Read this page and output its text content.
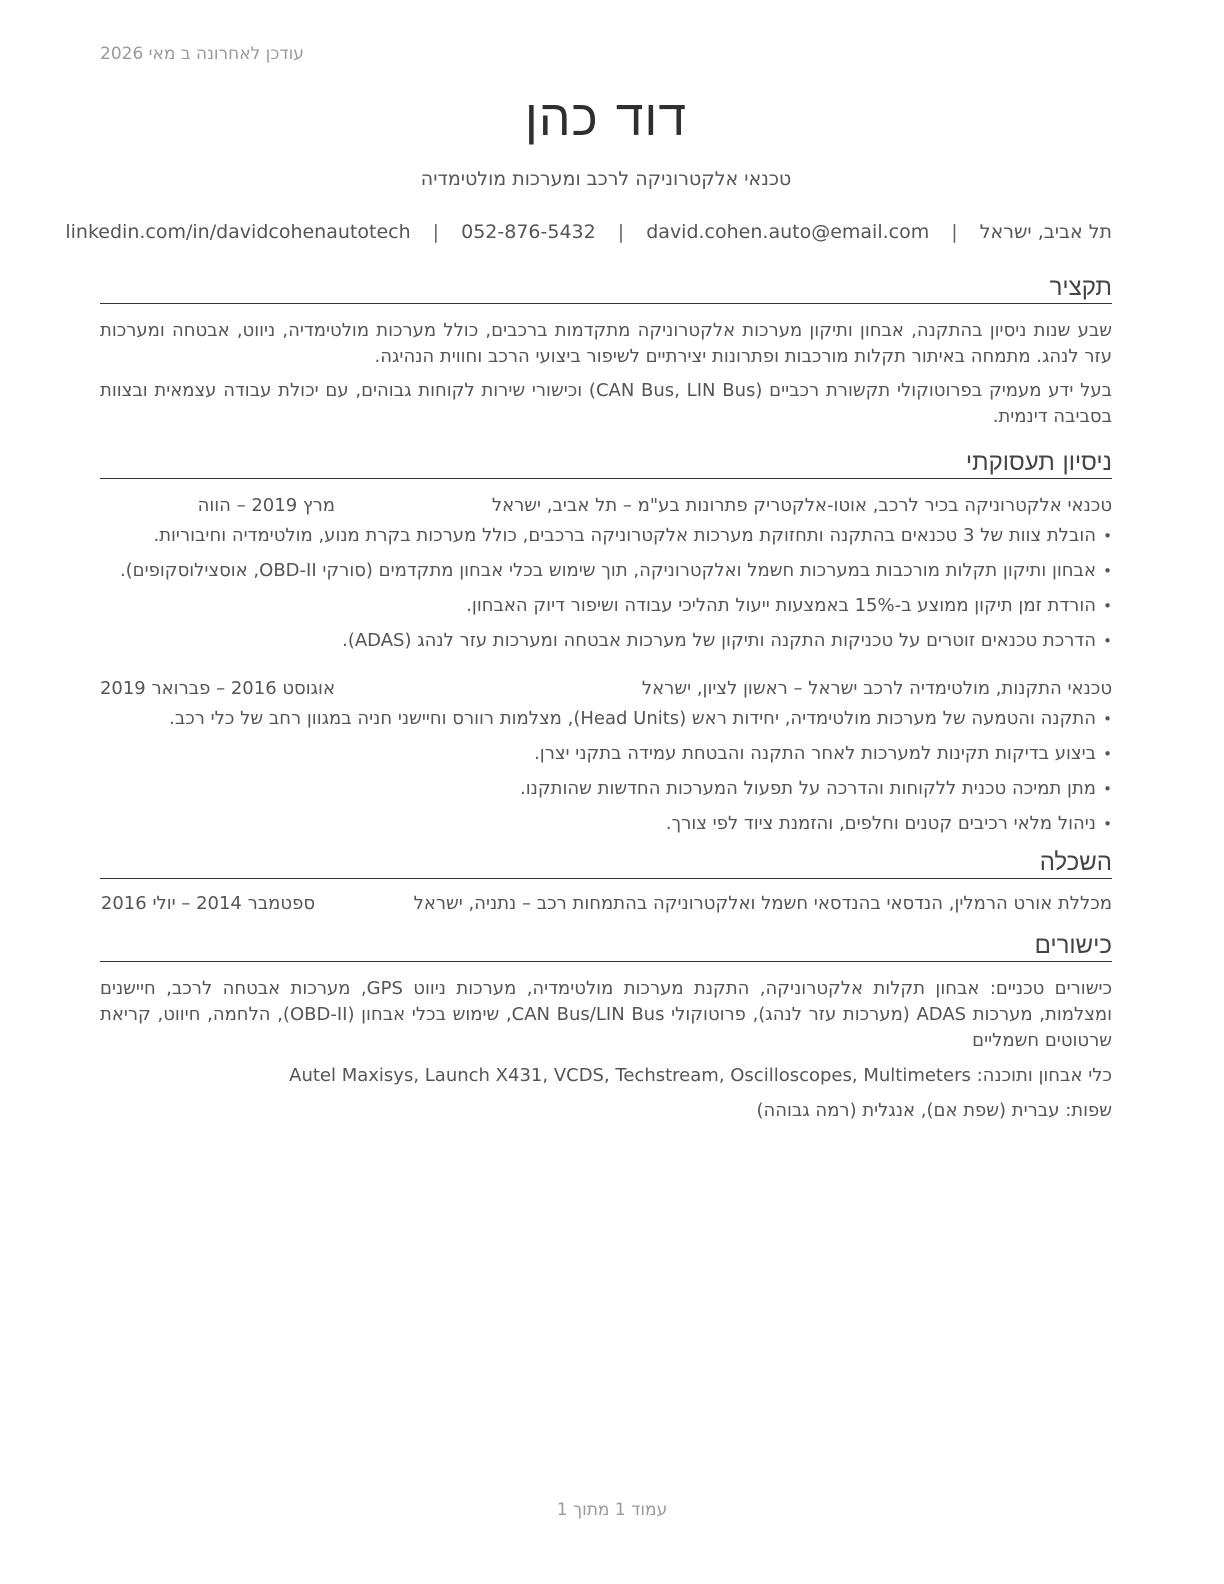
עודכן לאחרונה ב מאי 2026
דוד כהן
טכנאי אלקטרוניקה לרכב ומערכות מולטימדיה
תל אביב, ישראל | david.cohen.auto@email.com | 052-876-5432 | linkedin.com/in/davidcohenautotech
תקציר

שבע שנות ניסיון בהתקנה, אבחון ותיקון מערכות אלקטרוניקה מתקדמות ברכבים, כולל מערכות מולטימדיה, ניווט, אבטחה ומערכות עזר לנהג. מתמחה באיתור תקלות מורכבות ופתרונות יצירתיים לשיפור ביצועי הרכב וחווית הנהיגה.

בעל ידע מעמיק בפרוטוקולי תקשורת רכביים (CAN Bus, LIN Bus) וכישורי שירות לקוחות גבוהים, עם יכולת עבודה עצמאית ובצוות בסביבה דינמית.

ניסיון תעסוקתי
טכנאי אלקטרוניקה בכיר לרכב, אוטו-אלקטריק פתרונות בע"מ – תל אביב, ישראל
מרץ 2019 – הווה
• הובלת צוות של 3 טכנאים בהתקנה ותחזוקת מערכות אלקטרוניקה ברכבים, כולל מערכות בקרת מנוע, מולטימדיה וחיבוריות.
• אבחון ותיקון תקלות מורכבות במערכות חשמל ואלקטרוניקה, תוך שימוש בכלי אבחון מתקדמים (סורקי OBD-II, אוסצילוסקופים).
• הורדת זמן תיקון ממוצע ב-15% באמצעות ייעול תהליכי עבודה ושיפור דיוק האבחון.
• הדרכת טכנאים זוטרים על טכניקות התקנה ותיקון של מערכות אבטחה ומערכות עזר לנהג (ADAS).
טכנאי התקנות, מולטימדיה לרכב ישראל – ראשון לציון, ישראל
אוגוסט 2016 – פברואר 2019
• התקנה והטמעה של מערכות מולטימדיה, יחידות ראש (Head Units), מצלמות רוורס וחיישני חניה במגוון רחב של כלי רכב.
• ביצוע בדיקות תקינות למערכות לאחר התקנה והבטחת עמידה בתקני יצרן.
• מתן תמיכה טכנית ללקוחות והדרכה על תפעול המערכות החדשות שהותקנו.
• ניהול מלאי רכיבים קטנים וחלפים, והזמנת ציוד לפי צורך.
השכלה
מכללת אורט הרמלין, הנדסאי בהנדסאי חשמל ואלקטרוניקה בהתמחות רכב – נתניה, ישראל
ספטמבר 2014 – יולי 2016
כישורים

כישורים טכניים: אבחון תקלות אלקטרוניקה, התקנת מערכות מולטימדיה, מערכות ניווט GPS, מערכות אבטחה לרכב, חיישנים ומצלמות, מערכות ADAS (מערכות עזר לנהג), פרוטוקולי CAN Bus/LIN Bus, שימוש בכלי אבחון (OBD-II), הלחמה, חיווט, קריאת שרטוטים חשמליים

כלי אבחון ותוכנה: Autel Maxisys, Launch X431, VCDS, Techstream, Oscilloscopes, Multimeters

שפות: עברית (שפת אם), אנגלית (רמה גבוהה)

עמוד 1 מתוך 1
